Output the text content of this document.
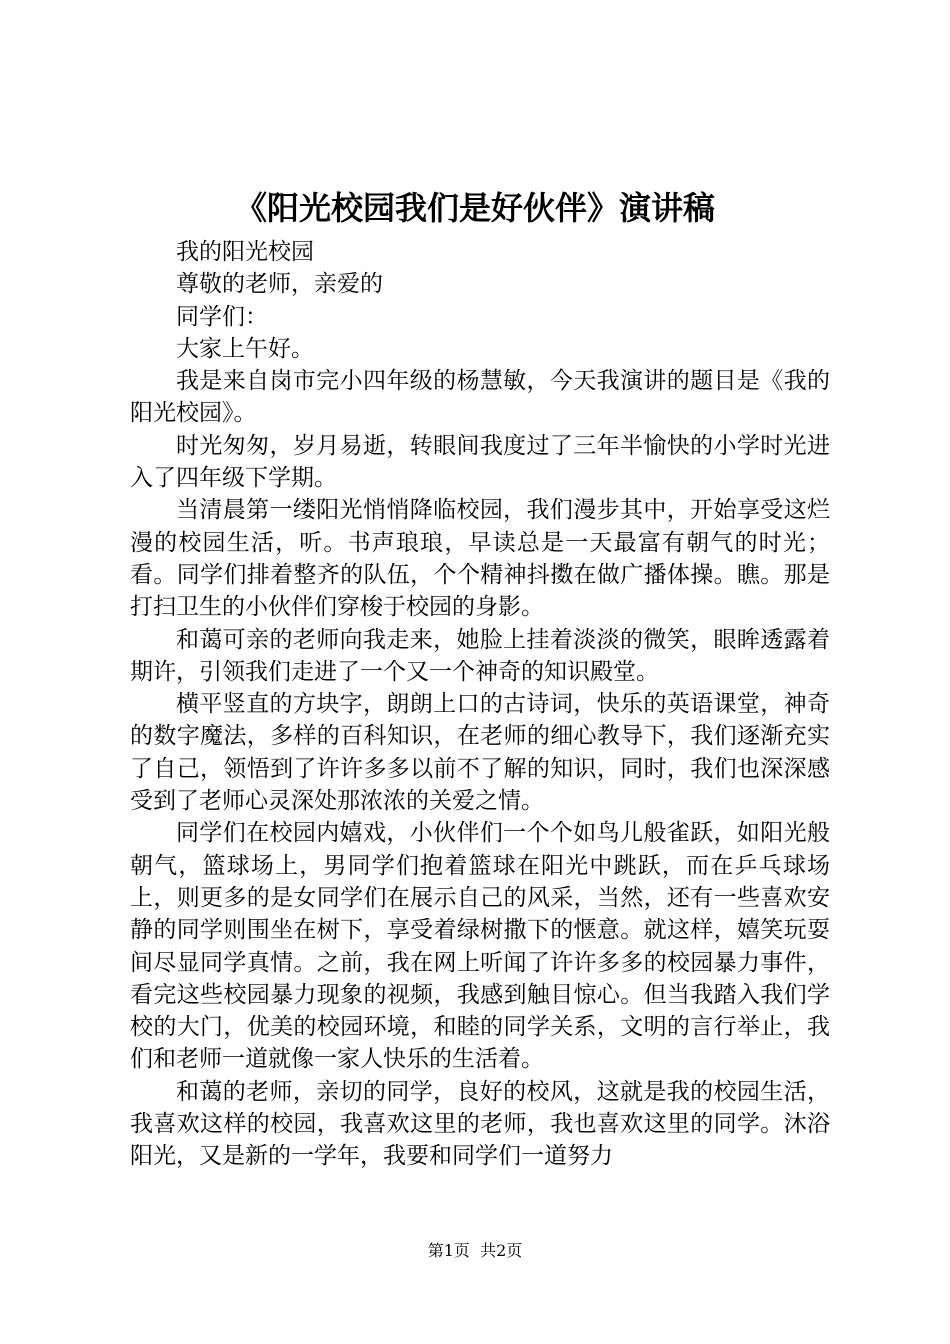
《阳光校园我们是好伙伴》演讲稿

我的阳光校园

尊敬的老师，亲爱的

同学们：

大家上午好。

我是来自岗市完小四年级的杨慧敏，今天我演讲的题目是《我的阳光校园》。

时光匆匆，岁月易逝，转眼间我度过了三年半愉快的小学时光进入了四年级下学期。

当清晨第一缕阳光悄悄降临校园，我们漫步其中，开始享受这烂漫的校园生活，听。书声琅琅，早读总是一天最富有朝气的时光；看。同学们排着整齐的队伍，个个精神抖擞在做广播体操。瞧。那是打扫卫生的小伙伴们穿梭于校园的身影。

和蔼可亲的老师向我走来，她脸上挂着淡淡的微笑，眼眸透露着期许，引领我们走进了一个又一个神奇的知识殿堂。

横平竖直的方块字，朗朗上口的古诗词，快乐的英语课堂，神奇的数字魔法，多样的百科知识，在老师的细心教导下，我们逐渐充实了自己，领悟到了许许多多以前不了解的知识，同时，我们也深深感受到了老师心灵深处那浓浓的关爱之情。

同学们在校园内嬉戏，小伙伴们一个个如鸟儿般雀跃，如阳光般朝气，篮球场上，男同学们抱着篮球在阳光中跳跃，而在乒乓球场上，则更多的是女同学们在展示自己的风采，当然，还有一些喜欢安静的同学则围坐在树下，享受着绿树撒下的惬意。就这样，嬉笑玩耍间尽显同学真情。之前，我在网上听闻了许许多多的校园暴力事件，看完这些校园暴力现象的视频，我感到触目惊心。但当我踏入我们学校的大门，优美的校园环境，和睦的同学关系，文明的言行举止，我们和老师一道就像一家人快乐的生活着。

和蔼的老师，亲切的同学，良好的校风，这就是我的校园生活，我喜欢这样的校园，我喜欢这里的老师，我也喜欢这里的同学。沐浴阳光，又是新的一学年，我要和同学们一道努力

第1页  共2页
